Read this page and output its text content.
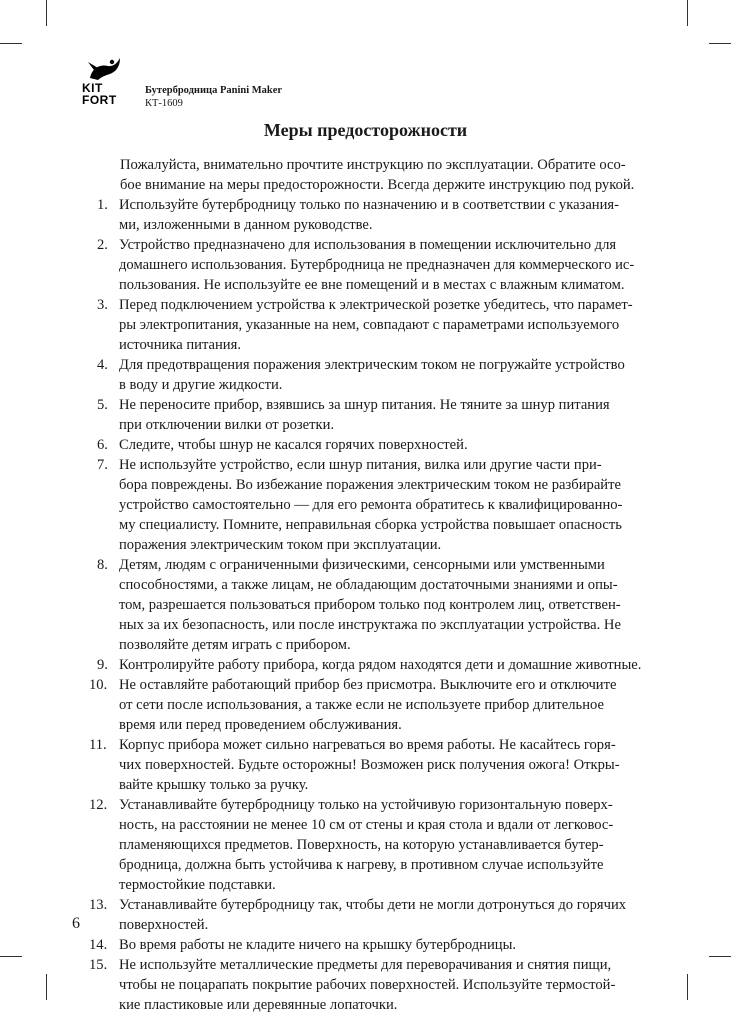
KIT
FORT
Бутербродница Panini Maker
КТ-1609
Меры предосторожности

Пожалуйста, внимательно прочтите инструкцию по эксплуатации. Обратите осо-
бое внимание на меры предосторожности. Всегда держите инструкцию под рукой.

1. Используйте бутербродницу только по назначению и в соответствии с указания-
ми, изложенными в данном руководстве.
2. Устройство предназначено для использования в помещении исключительно для
домашнего использования. Бутербродница не предназначен для коммерческого ис-
пользования. Не используйте ее вне помещений и в местах с влажным климатом.
3. Перед подключением устройства к электрической розетке убедитесь, что парамет-
ры электропитания, указанные на нем, совпадают с параметрами используемого
источника питания.
4. Для предотвращения поражения электрическим током не погружайте устройство
в воду и другие жидкости.
5. Не переносите прибор, взявшись за шнур питания. Не тяните за шнур питания
при отключении вилки от розетки.
6. Следите, чтобы шнур не касался горячих поверхностей.
7. Не используйте устройство, если шнур питания, вилка или другие части при-
бора повреждены. Во избежание поражения электрическим током не разбирайте
устройство самостоятельно — для его ремонта обратитесь к квалифицированно-
му специалисту. Помните, неправильная сборка устройства повышает опасность
поражения электрическим током при эксплуатации.
8. Детям, людям с ограниченными физическими, сенсорными или умственными
способностями, а также лицам, не обладающим достаточными знаниями и опы-
том, разрешается пользоваться прибором только под контролем лиц, ответствен-
ных за их безопасность, или после инструктажа по эксплуатации устройства. Не
позволяйте детям играть с прибором.
9. Контролируйте работу прибора, когда рядом находятся дети и домашние животные.
10. Не оставляйте работающий прибор без присмотра. Выключите его и отключите
от сети после использования, а также если не используете прибор длительное
время или перед проведением обслуживания.
11. Корпус прибора может сильно нагреваться во время работы. Не касайтесь горя-
чих поверхностей. Будьте осторожны! Возможен риск получения ожога! Откры-
вайте крышку только за ручку.
12. Устанавливайте бутербродницу только на устойчивую горизонтальную поверх-
ность, на расстоянии не менее 10 см от стены и края стола и вдали от легковос-
пламеняющихся предметов. Поверхность, на которую устанавливается бутер-
бродница, должна быть устойчива к нагреву, в противном случае используйте
термостойкие подставки.
13. Устанавливайте бутербродницу так, чтобы дети не могли дотронуться до горячих
поверхностей.
14. Во время работы не кладите ничего на крышку бутербродницы.
15. Не используйте металлические предметы для переворачивания и снятия пищи,
чтобы не поцарапать покрытие рабочих поверхностей. Используйте термостой-
кие пластиковые или деревянные лопаточки.
6
